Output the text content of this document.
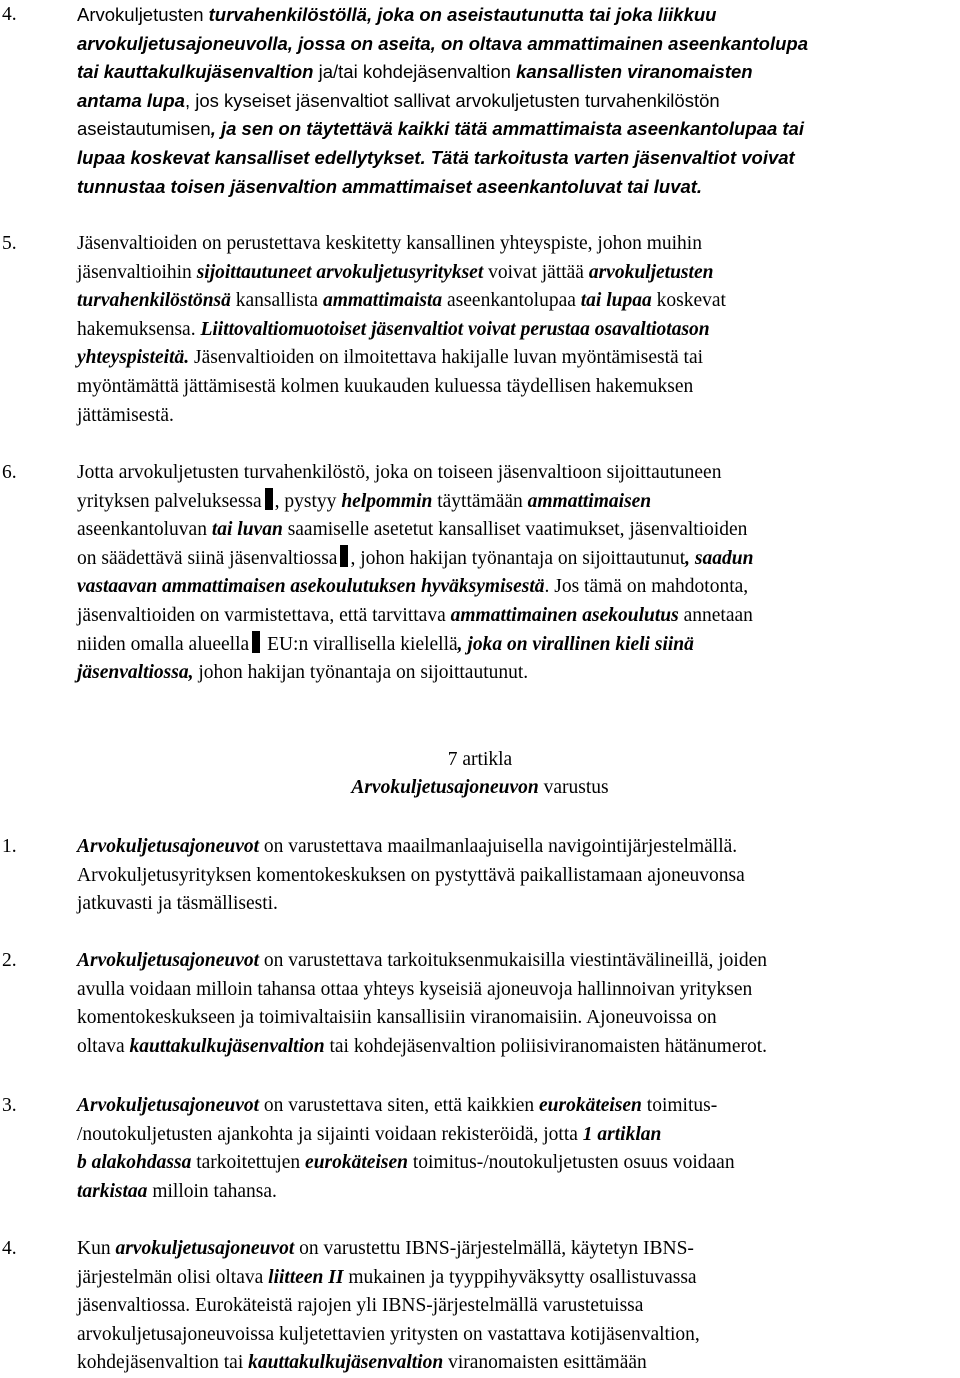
4.	Arvokuljetusten turvahenkilöstöllä, joka on aseistautunutta tai joka liikkuu
arvokuljetusajoneuvolla, jossa on aseita, on oltava ammattimainen aseenkantolupa
tai kauttakulkujäsenvaltion ja/tai kohdejäsenvaltion kansallisten viranomaisten
antama lupa, jos kyseiset jäsenvaltiot sallivat arvokuljetusten turvahenkilöstön
aseistautumisen, ja sen on täytettävä kaikki tätä ammattimaista aseenkantolupaa tai
lupaa koskevat kansalliset edellytykset. Tätä tarkoitusta varten jäsenvaltiot voivat
tunnustaa toisen jäsenvaltion ammattimaiset aseenkantoluvat tai luvat.
5.	Jäsenvaltioiden on perustettava keskitetty kansallinen yhteyspiste, johon muihin
jäsenvaltioihin sijoittautuneet arvokuljetusyritykset voivat jättää arvokuljetusten
turvahenkilöstönsä kansallista ammattimaista aseenkantolupaa tai lupaa koskevat
hakemuksensa. Liittovaltiomuotoiset jäsenvaltiot voivat perustaa osavaltiotason
yhteyspisteitä. Jäsenvaltioiden on ilmoitettava hakijalle luvan myöntämisestä tai
myöntämättä jättämisestä kolmen kuukauden kuluessa täydellisen hakemuksen
jättämisestä.
6.	Jotta arvokuljetusten turvahenkilöstö, joka on toiseen jäsenvaltioon sijoittautuneen
yrityksen palveluksessa , pystyy helpommin täyttämään ammattimaisen
aseenkantoluvan tai luvan saamiselle asetetut kansalliset vaatimukset, jäsenvaltioiden
on säädettävä siinä jäsenvaltiossa , johon hakijan työnantaja on sijoittautunut, saadun
vastaavan ammattimaisen asekoulutuksen hyväksymisestä. Jos tämä on mahdotonta,
jäsenvaltioiden on varmistettava, että tarvittava ammattimainen asekoulutus annetaan
niiden omalla alueella EU:n virallisella kielellä, joka on virallinen kieli siinä
jäsenvaltiossa, johon hakijan työnantaja on sijoittautunut.
7 artikla
Arvokuljetusajoneuvon varustus
1.	Arvokuljetusajoneuvot on varustettava maailmanlaajuisella navigointijärjestelmällä.
Arvokuljetusyrityksen komentokeskuksen on pystyttävä paikallistamaan ajoneuvonsa
jatkuvasti ja täsmällisesti.
2.	Arvokuljetusajoneuvot on varustettava tarkoituksenmukaisilla viestintävälineillä, joiden
avulla voidaan milloin tahansa ottaa yhteys kyseisiä ajoneuvoja hallinnoivan yrityksen
komentokeskukseen ja toimivaltaisiin kansallisiin viranomaisiin. Ajoneuvoissa on
oltava kauttakulkujäsenvaltion tai kohdejäsenvaltion poliisiviranomaisten hätänumerot.
3.	Arvokuljetusajoneuvot on varustettava siten, että kaikkien eurokäteisen toimitus-
/noutokuljetusten ajankohta ja sijainti voidaan rekisteröidä, jotta 1 artiklan
b alakohdassa tarkoitettujen eurokäteisen toimitus-/noutokuljetusten osuus voidaan
tarkistaa milloin tahansa.
4.	Kun arvokuljetusajoneuvot on varustettu IBNS-järjestelmällä, käytetyn IBNS-
järjestelmän olisi oltava liitteen II mukainen ja tyyppihyväksytty osallistuvassa
jäsenvaltiossa. Eurokäteistä rajojen yli IBNS-järjestelmällä varustetuissa
arvokuljetusajoneuvoissa kuljetettavien yritysten on vastattava kotijäsenvaltion,
kohdejäsenvaltion tai kauttakulkujäsenvaltion viranomaisten esittämään
